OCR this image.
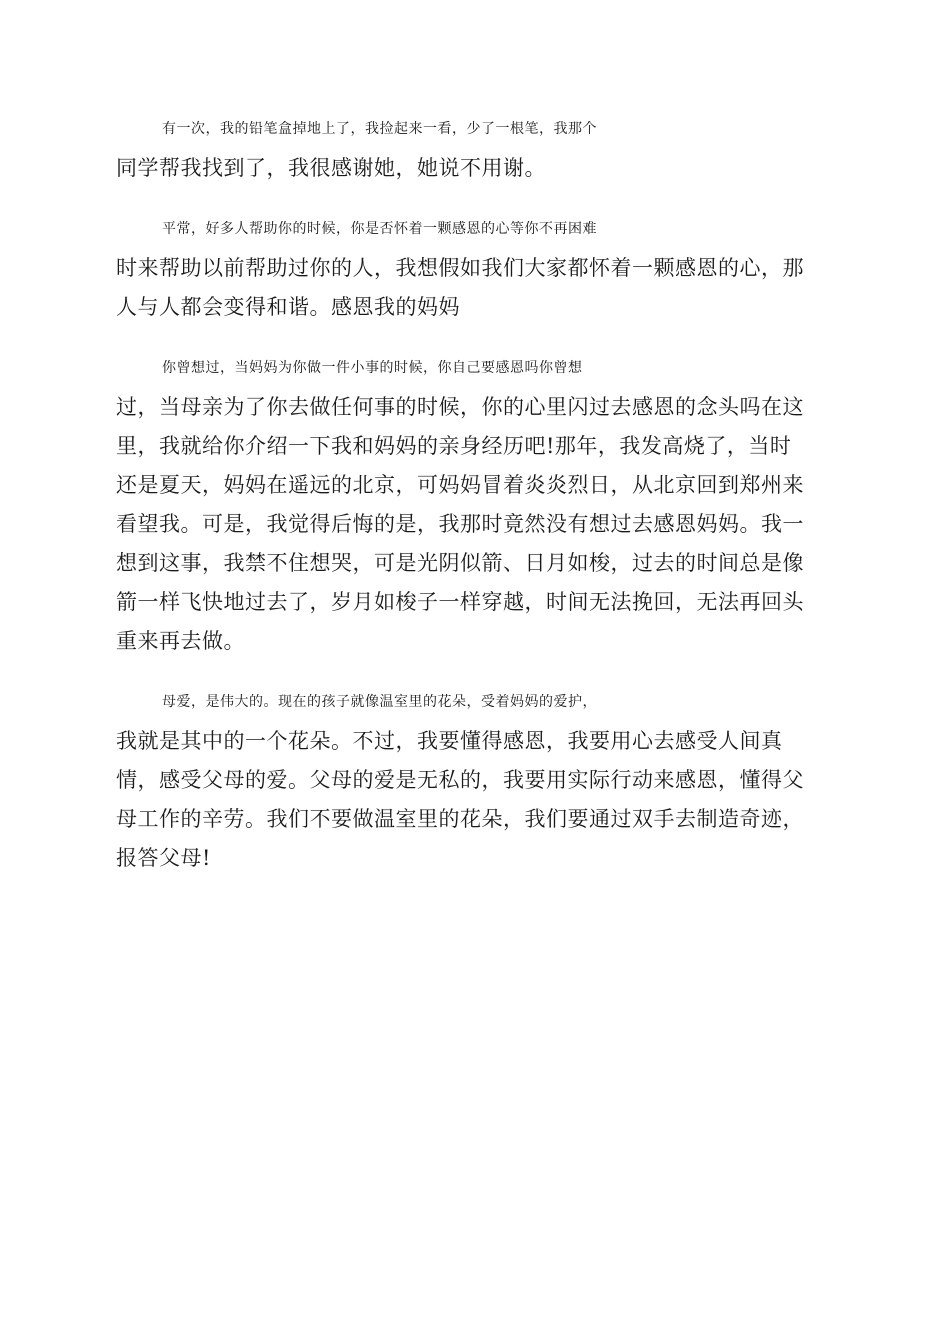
有一次，我的铅笔盒掉地上了，我捡起来一看，少了一根笔，我那个
同学帮我找到了，我很感谢她，她说不用谢。

平常，好多人帮助你的时候，你是否怀着一颗感恩的心等你不再困难
时来帮助以前帮助过你的人，我想假如我们大家都怀着一颗感恩的心，那
人与人都会变得和谐。感恩我的妈妈

你曾想过，当妈妈为你做一件小事的时候，你自己要感恩吗你曾想
过，当母亲为了你去做任何事的时候，你的心里闪过去感恩的念头吗在这
里，我就给你介绍一下我和妈妈的亲身经历吧!那年，我发高烧了，当时
还是夏天，妈妈在遥远的北京，可妈妈冒着炎炎烈日，从北京回到郑州来
看望我。可是，我觉得后悔的是，我那时竟然没有想过去感恩妈妈。我一
想到这事，我禁不住想哭，可是光阴似箭、日月如梭，过去的时间总是像
箭一样飞快地过去了，岁月如梭子一样穿越，时间无法挽回，无法再回头
重来再去做。

母爱，是伟大的。现在的孩子就像温室里的花朵，受着妈妈的爱护，
我就是其中的一个花朵。不过，我要懂得感恩，我要用心去感受人间真
情，感受父母的爱。父母的爱是无私的，我要用实际行动来感恩，懂得父
母工作的辛劳。我们不要做温室里的花朵，我们要通过双手去制造奇迹，
报答父母!
